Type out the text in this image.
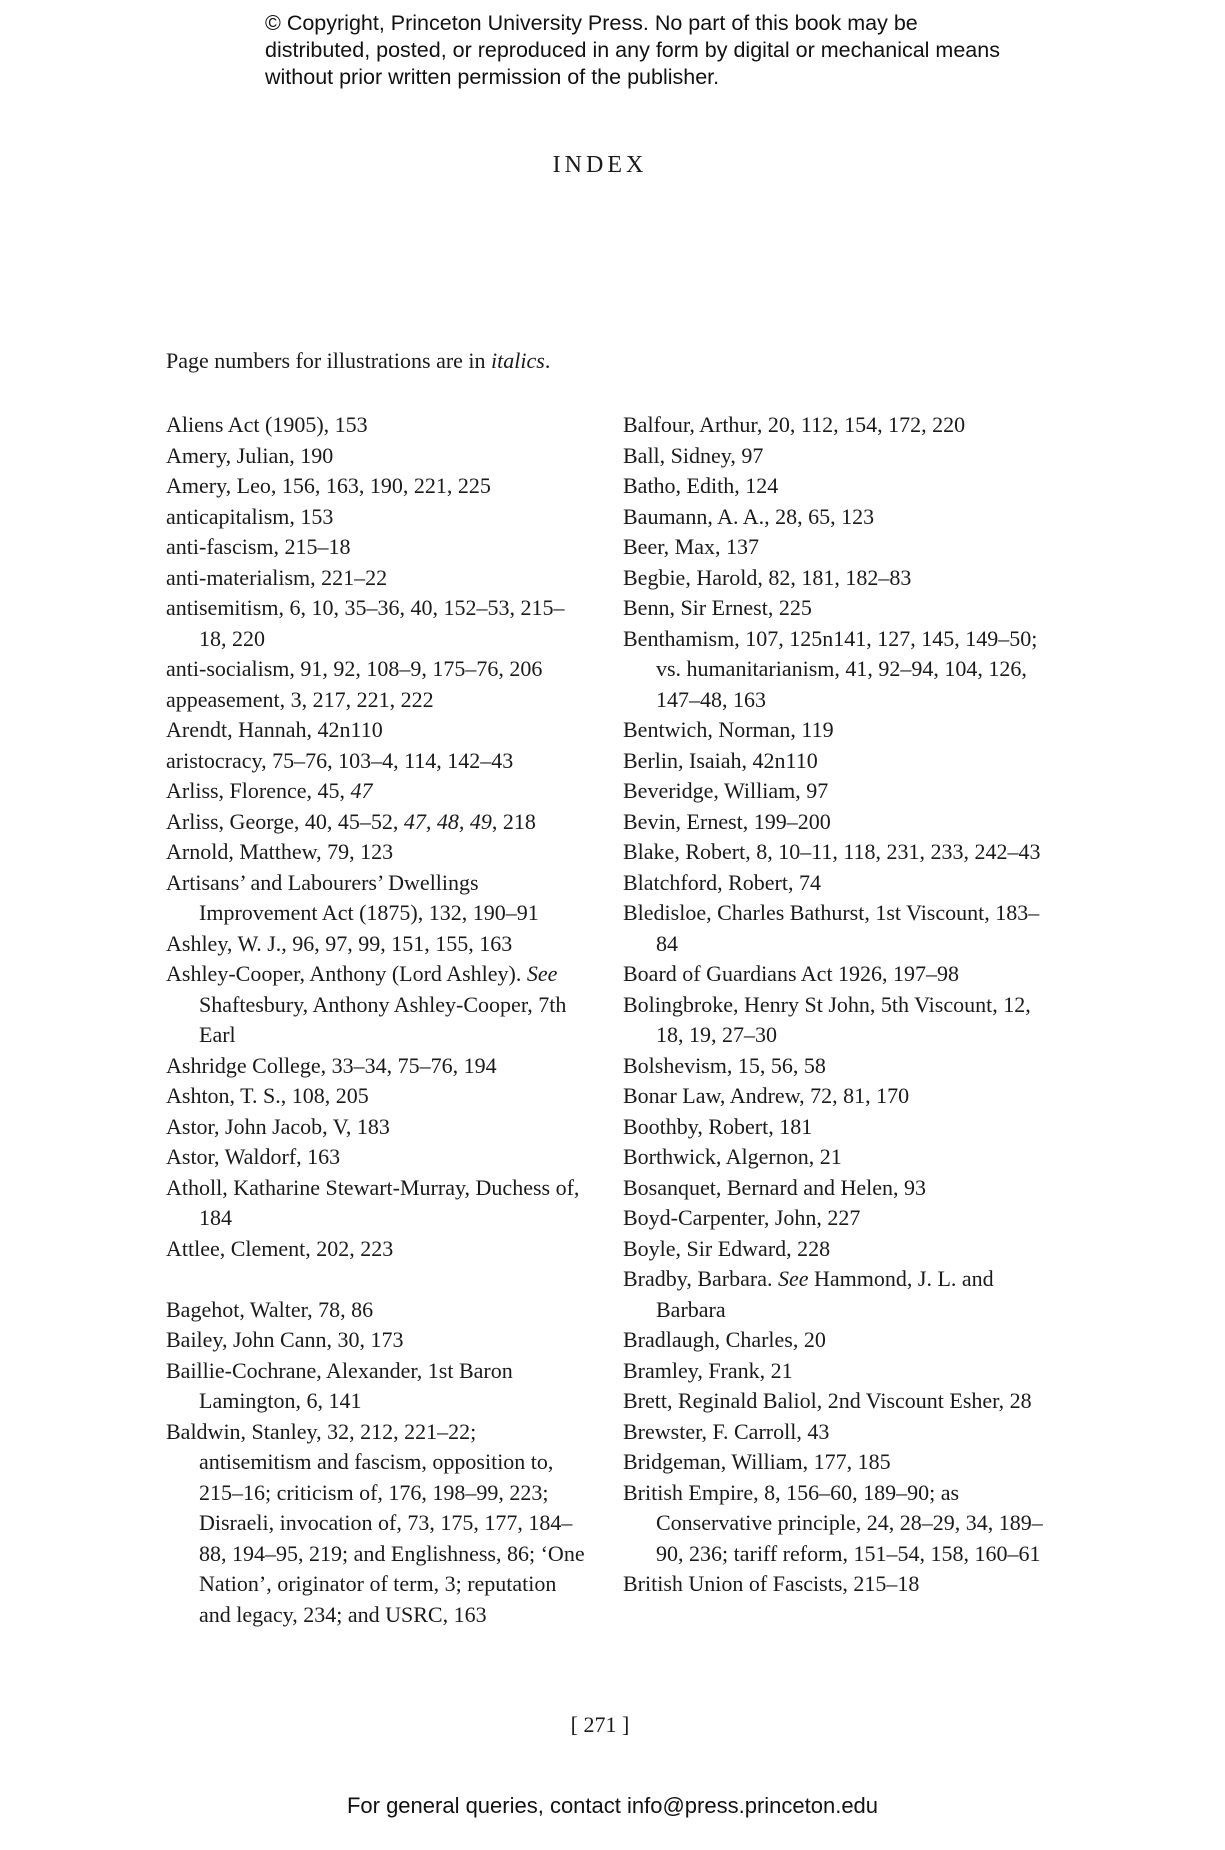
© Copyright, Princeton University Press. No part of this book may be distributed, posted, or reproduced in any form by digital or mechanical means without prior written permission of the publisher.
INDEX
Page numbers for illustrations are in italics.
Aliens Act (1905), 153
Amery, Julian, 190
Amery, Leo, 156, 163, 190, 221, 225
anticapitalism, 153
anti-fascism, 215–18
anti-materialism, 221–22
antisemitism, 6, 10, 35–36, 40, 152–53, 215–18, 220
anti-socialism, 91, 92, 108–9, 175–76, 206
appeasement, 3, 217, 221, 222
Arendt, Hannah, 42n110
aristocracy, 75–76, 103–4, 114, 142–43
Arliss, Florence, 45, 47
Arliss, George, 40, 45–52, 47, 48, 49, 218
Arnold, Matthew, 79, 123
Artisans’ and Labourers’ Dwellings Improvement Act (1875), 132, 190–91
Ashley, W. J., 96, 97, 99, 151, 155, 163
Ashley-Cooper, Anthony (Lord Ashley). See Shaftesbury, Anthony Ashley-Cooper, 7th Earl
Ashridge College, 33–34, 75–76, 194
Ashton, T. S., 108, 205
Astor, John Jacob, V, 183
Astor, Waldorf, 163
Atholl, Katharine Stewart-Murray, Duchess of, 184
Attlee, Clement, 202, 223
Bagehot, Walter, 78, 86
Bailey, John Cann, 30, 173
Baillie-Cochrane, Alexander, 1st Baron Lamington, 6, 141
Baldwin, Stanley, 32, 212, 221–22; antisemitism and fascism, opposition to, 215–16; criticism of, 176, 198–99, 223; Disraeli, invocation of, 73, 175, 177, 184–88, 194–95, 219; and Englishness, 86; ‘One Nation’, originator of term, 3; reputation and legacy, 234; and USRC, 163
Balfour, Arthur, 20, 112, 154, 172, 220
Ball, Sidney, 97
Batho, Edith, 124
Baumann, A. A., 28, 65, 123
Beer, Max, 137
Begbie, Harold, 82, 181, 182–83
Benn, Sir Ernest, 225
Benthamism, 107, 125n141, 127, 145, 149–50; vs. humanitarianism, 41, 92–94, 104, 126, 147–48, 163
Bentwich, Norman, 119
Berlin, Isaiah, 42n110
Beveridge, William, 97
Bevin, Ernest, 199–200
Blake, Robert, 8, 10–11, 118, 231, 233, 242–43
Blatchford, Robert, 74
Bledisloe, Charles Bathurst, 1st Viscount, 183–84
Board of Guardians Act 1926, 197–98
Bolingbroke, Henry St John, 5th Viscount, 12, 18, 19, 27–30
Bolshevism, 15, 56, 58
Bonar Law, Andrew, 72, 81, 170
Boothby, Robert, 181
Borthwick, Algernon, 21
Bosanquet, Bernard and Helen, 93
Boyd-Carpenter, John, 227
Boyle, Sir Edward, 228
Bradby, Barbara. See Hammond, J. L. and Barbara
Bradlaugh, Charles, 20
Bramley, Frank, 21
Brett, Reginald Baliol, 2nd Viscount Esher, 28
Brewster, F. Carroll, 43
Bridgeman, William, 177, 185
British Empire, 8, 156–60, 189–90; as Conservative principle, 24, 28–29, 34, 189–90, 236; tariff reform, 151–54, 158, 160–61
British Union of Fascists, 215–18
[ 271 ]
For general queries, contact info@press.princeton.edu
